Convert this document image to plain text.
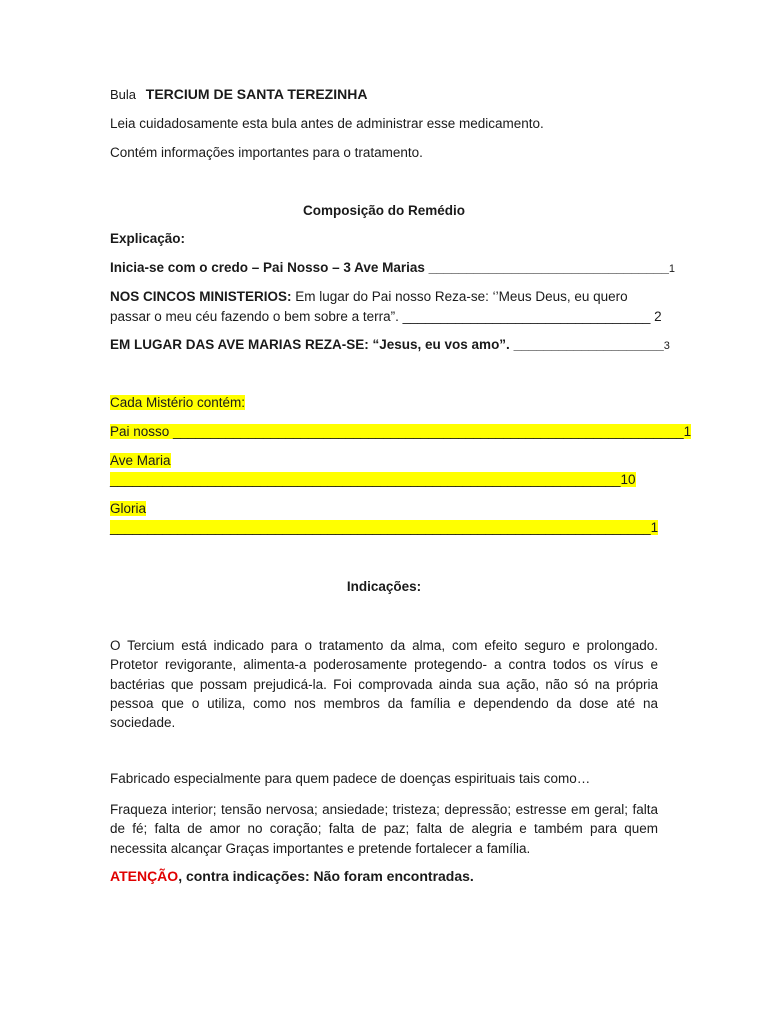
Bula TERCIUM DE SANTA TEREZINHA
Leia cuidadosamente esta bula antes de administrar esse medicamento.
Contém informações importantes para o tratamento.
Composição do Remédio
Explicação:
Inicia-se com o credo – Pai Nosso – 3 Ave Marias ________________________________1
NOS CINCOS MINISTERIOS: Em lugar do Pai nosso Reza-se: ‘’Meus Deus, eu quero
passar o meu céu fazendo o bem sobre a terra”. _________________________________ 2
EM LUGAR DAS AVE MARIAS REZA-SE: “Jesus, eu vos amo”. ____________________3
Cada Mistério contém:
Pai nosso ____________________________________________________________________1
Ave Maria
____________________________________________________________________10
Gloria
________________________________________________________________________1
Indicações:
O Tercium está indicado para o tratamento da alma, com efeito seguro e prolongado. Protetor revigorante, alimenta-a poderosamente protegendo- a contra todos os vírus e bactérias que possam prejudicá-la. Foi comprovada ainda sua ação, não só na própria pessoa que o utiliza, como nos membros da família e dependendo da dose até na sociedade.
Fabricado especialmente para quem padece de doenças espirituais tais como…
Fraqueza interior; tensão nervosa; ansiedade; tristeza; depressão; estresse em geral; falta de fé; falta de amor no coração; falta de paz; falta de alegria e também para quem necessita alcançar Graças importantes e pretende fortalecer a família.
ATENÇÃO, contra indicações: Não foram encontradas.
